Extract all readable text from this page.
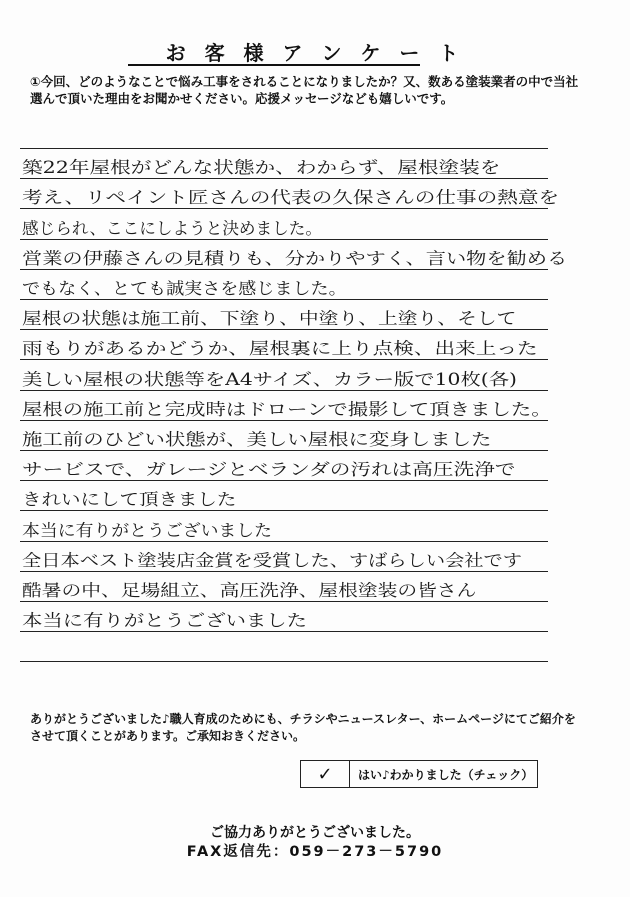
お 客 様 ア ン ケ ー ト
①今回、どのようなことで悩み工事をされることになりましたか？又、数ある塗装業者の中で当社選んで頂いた理由をお聞かせください。応援メッセージなども嬉しいです。
築22年屋根がどんな状態か、わからず、屋根塗装を
考え、リペイント匠さんの代表の久保さんの仕事の熱意を
感じられ、ここにしようと決めました。
営業の伊藤さんの見積りも、分かりやすく、言い物を勧める
でもなく、とても誠実さを感じました。
屋根の状態は施工前、下塗り、中塗り、上塗り、そして
雨もりがあるかどうか、屋根裏に上り点検、出来上った
美しい屋根の状態等をA4サイズ、カラー版で10枚(各)
屋根の施工前と完成時はドローンで撮影して頂きました。
施工前のひどい状態が、美しい屋根に変身しました
サービスで、ガレージとベランダの汚れは高圧洗浄で
きれいにして頂きました
本当に有りがとうございました
全日本ベスト塗装店金賞を受賞した、すばらしい会社です
酷暑の中、足場組立、高圧洗浄、屋根塗装の皆さん
本当に有りがとうございました
ありがとうございました♪職人育成のためにも、チラシやニュースレター、ホームページにてご紹介をさせて頂くことがあります。ご承知おきください。
✓	はい♪わかりました（チェック）
ご協力ありがとうございました。
FAX返信先：059－273－5790
